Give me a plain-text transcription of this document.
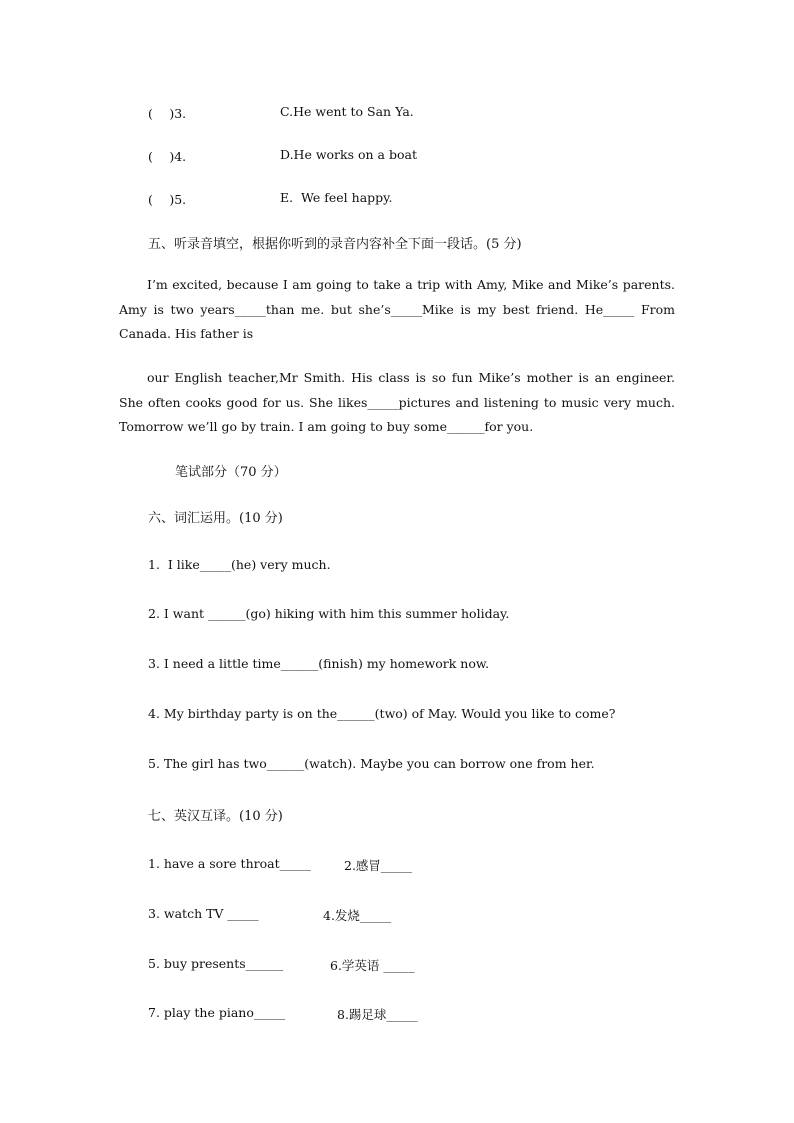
(　 )3.	C.He went to San Ya.
(　 )4.	D.He works on a boat
(　 )5.	E.  We feel happy.
五、听录音填空，根据你听到的录音内容补全下面一段话。(5 分)
I’m excited, because I am going to take a trip with Amy, Mike and Mike’s parents. Amy is two years_____than me. but she’s_____Mike is my best friend. He_____ From Canada. His father is
our English teacher,Mr Smith. His class is so fun Mike’s mother is an engineer. She often cooks good for us. She likes_____pictures and listening to music very much. Tomorrow we’ll go by train. I am going to buy some______for you.
笔试部分（70 分）
六、词汇运用。(10 分)
1.  I like_____(he) very much.
2. I want ______(go) hiking with him this summer holiday.
3. I need a little time______(finish) my homework now.
4. My birthday party is on the______(two) of May. Would you like to come?
5. The girl has two______(watch). Maybe you can borrow one from her.
七、英汉互译。(10 分)
1. have a sore throat_____	2.感冒_____
3. watch TV _____	4.发烧_____
5. buy presents______	6.学英语 _____
7. play the piano_____	8.踢足球_____
